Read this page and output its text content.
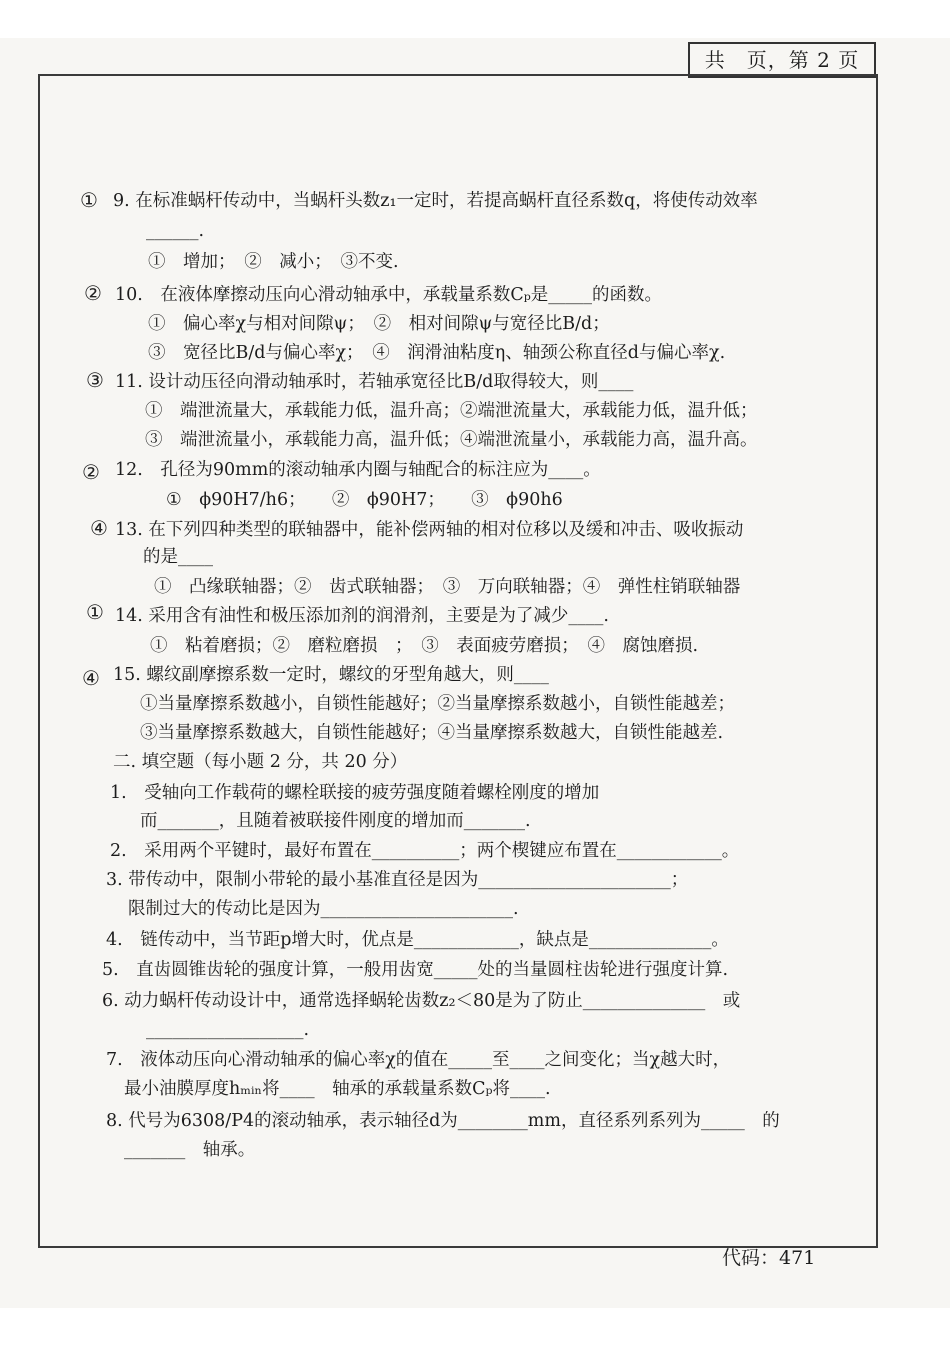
共　页，第 2 页
①
②
③
②
④
①
④
9. 在标准蜗杆传动中，当蜗杆头数z₁一定时，若提高蜗杆直径系数q，将使传动效率
______.
①　增加；　②　减小；　③不变.
10.　在液体摩擦动压向心滑动轴承中，承载量系数Cₚ是_____的函数。
①　偏心率χ与相对间隙ψ；　②　相对间隙ψ与宽径比B/d；
③　宽径比B/d与偏心率χ；　④　润滑油粘度η、轴颈公称直径d与偏心率χ.
11. 设计动压径向滑动轴承时，若轴承宽径比B/d取得较大，则____
①　端泄流量大，承载能力低，温升高；②端泄流量大，承载能力低，温升低；
③　端泄流量小，承载能力高，温升低；④端泄流量小，承载能力高，温升高。
12.　孔径为90mm的滚动轴承内圈与轴配合的标注应为____。
①　ϕ90H7/h6；　　②　ϕ90H7；　　③　ϕ90h6
13. 在下列四种类型的联轴器中，能补偿两轴的相对位移以及缓和冲击、吸收振动
的是____
①　凸缘联轴器；②　齿式联轴器；　③　万向联轴器；④　弹性柱销联轴器
14. 采用含有油性和极压添加剂的润滑剂，主要是为了减少____.
①　粘着磨损；②　磨粒磨损　；　③　表面疲劳磨损；　④　腐蚀磨损.
15. 螺纹副摩擦系数一定时，螺纹的牙型角越大，则____
①当量摩擦系数越小，自锁性能越好；②当量摩擦系数越小，自锁性能越差；
③当量摩擦系数越大，自锁性能越好；④当量摩擦系数越大，自锁性能越差.
二. 填空题（每小题 2 分，共 20 分）
1.　受轴向工作载荷的螺栓联接的疲劳强度随着螺栓刚度的增加
而_______，且随着被联接件刚度的增加而_______.
2.　采用两个平键时，最好布置在__________；两个楔键应布置在____________。
3. 带传动中，限制小带轮的最小基准直径是因为______________________；
限制过大的传动比是因为______________________.
4.　链传动中，当节距p增大时，优点是____________，缺点是______________。
5.　直齿圆锥齿轮的强度计算，一般用齿宽_____处的当量圆柱齿轮进行强度计算.
6. 动力蜗杆传动设计中，通常选择蜗轮齿数z₂＜80是为了防止______________　或
__________________.
7.　液体动压向心滑动轴承的偏心率χ的值在_____至____之间变化；当χ越大时，
最小油膜厚度hₘᵢₙ将____　轴承的承载量系数Cₚ将____.
8. 代号为6308/P4的滚动轴承，表示轴径d为________mm，直径系列系列为_____　的
_______　轴承。
代码：471
